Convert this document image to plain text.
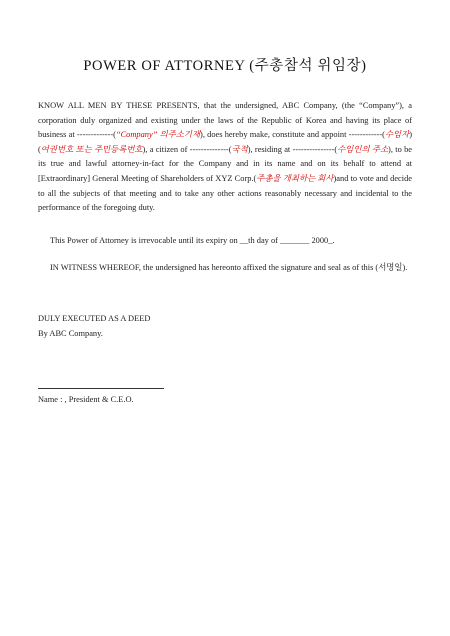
POWER OF ATTORNEY (주총참석 위임장)
KNOW ALL MEN BY THESE PRESENTS, that the undersigned, ABC Company, (the “Company”), a corporation duly organized and existing under the laws of the Republic of Korea and having its place of business at -------------(“Company” 의주소기재), does hereby make, constitute and appoint ------------(수임자) (여권번호 또는 주민등록번호), a citizen of --------------(국적), residing at ---------------(수임인의 주소), to be its true and lawful attorney-in-fact for the Company and in its name and on its behalf to attend at [Extraordinary] General Meeting of Shareholders of XYZ Corp.(주총을 개최하는 회사)and to vote and decide to all the subjects of that meeting and to take any other actions reasonably necessary and incidental to the performance of the foregoing duty.
This Power of Attorney is irrevocable until its expiry on __th day of _______ 2000_.
IN WITNESS WHEREOF, the undersigned has hereonto affixed the signature and seal as of this (서명일).
DULY EXECUTED AS A DEED
By ABC Company.
Name : , President & C.E.O.
